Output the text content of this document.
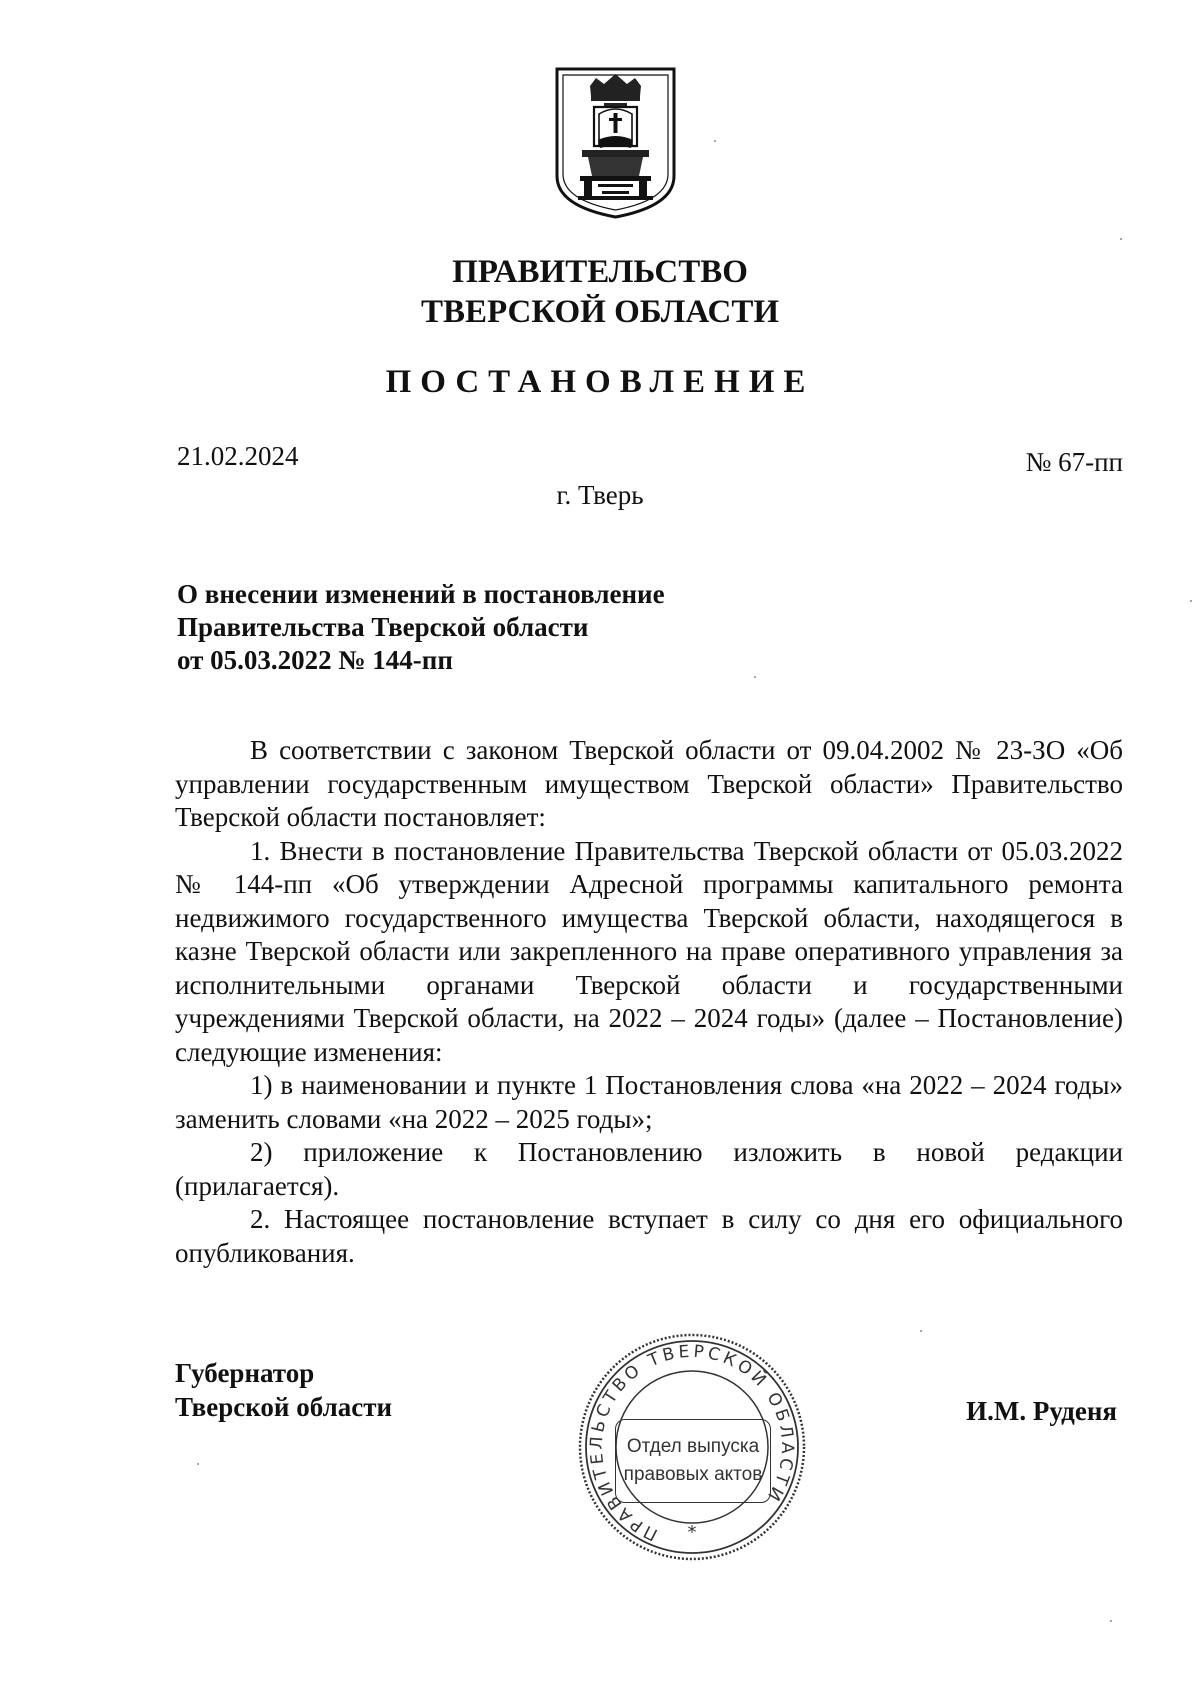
ПРАВИТЕЛЬСТВО
ТВЕРСКОЙ ОБЛАСТИ
ПОСТАНОВЛЕНИЕ
21.02.2024	№ 67-пп
г. Тверь
О внесении изменений в постановление
Правительства Тверской области
от 05.03.2022 № 144-пп

В соответствии с законом Тверской области от 09.04.2002 № 23-ЗО «Об управлении государственным имуществом Тверской области» Правительство Тверской области постановляет:

1. Внести в постановление Правительства Тверской области от 05.03.2022 № 144-пп «Об утверждении Адресной программы капитального ремонта недвижимого государственного имущества Тверской области, находящегося в казне Тверской области или закрепленного на праве оперативного управления за исполнительными органами Тверской области и государственными учреждениями Тверской области, на 2022 – 2024 годы» (далее – Постановление) следующие изменения:

1) в наименовании и пункте 1 Постановления слова «на 2022 – 2024 годы» заменить словами «на 2022 – 2025 годы»;

2) приложение к Постановлению изложить в новой редакции (прилагается).

2. Настоящее постановление вступает в силу со дня его официального опубликования.

Губернатор
Тверской области	И.М. Руденя
ПРАВИТЕЛЬСТВО ТВЕРСКОЙ ОБЛАСТИ
*
Отдел выпуска
правовых актов
